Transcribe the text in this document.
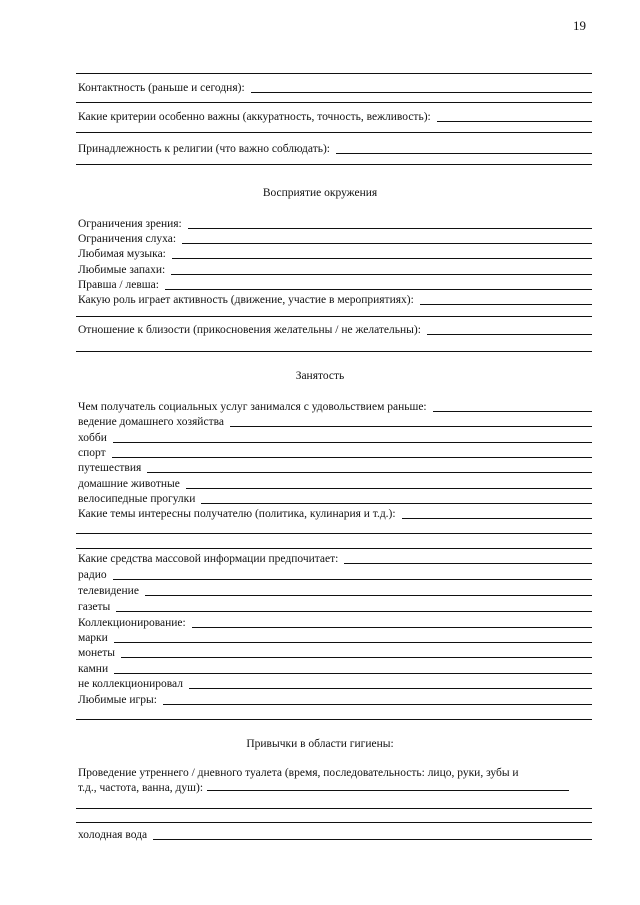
19
Контактность (раньше и сегодня):
Какие критерии особенно важны (аккуратность, точность, вежливость):
Принадлежность к религии (что важно соблюдать):
Восприятие окружения
Ограничения зрения:
Ограничения слуха:
Любимая музыка:
Любимые запахи:
Правша / левша:
Какую роль играет активность (движение, участие в мероприятиях):
Отношение к близости (прикосновения желательны / не желательны):
Занятость
Чем получатель социальных услуг занимался с удовольствием раньше:
ведение домашнего хозяйства
хобби
спорт
путешествия
домашние животные
велосипедные прогулки
Какие темы интересны получателю (политика, кулинария и т.д.):
Какие средства массовой информации предпочитает:
радио
телевидение
газеты
Коллекционирование:
марки
монеты
камни
не коллекционировал
Любимые игры:
Привычки в области гигиены:
Проведение утреннего / дневного туалета (время, последовательность: лицо, руки, зубы и
т.д., частота, ванна, душ):
холодная вода
